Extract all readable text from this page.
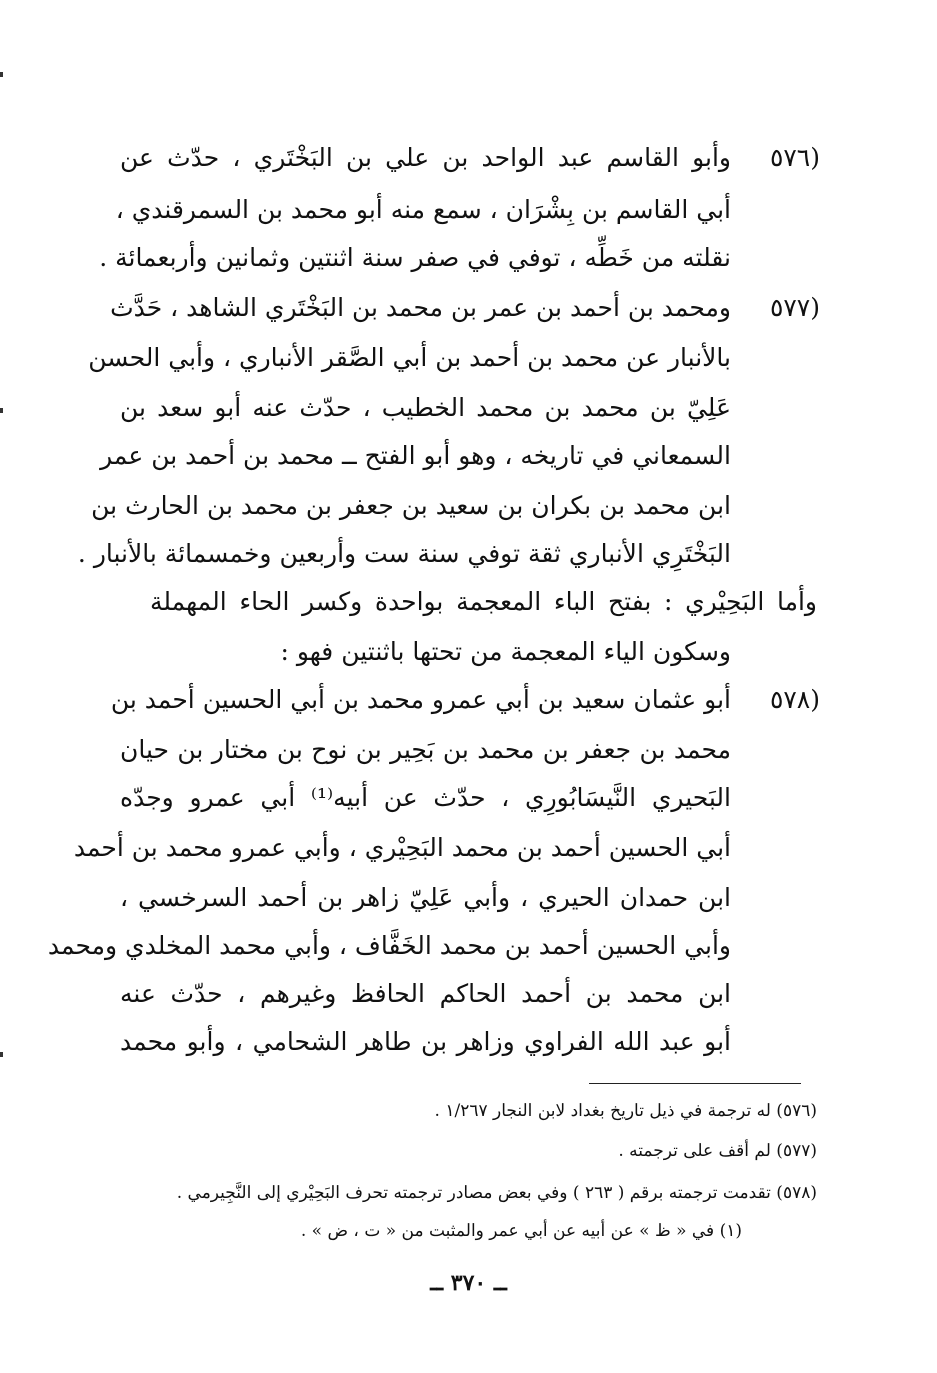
(٥٧٦
وأبو القاسم عبد الواحد بن علي بن البَخْتَري ، حدّث عن
أبي القاسم بن بِشْرَان ، سمع منه أبو محمد بن السمرقندي ،
نقلته من خَطِّه ، توفي في صفر سنة اثنتين وثمانين وأربعمائة .
(٥٧٧
ومحمد بن أحمد بن عمر بن محمد بن البَخْتَري الشاهد ، حَدَّث
بالأنبار عن محمد بن أحمد بن أبي الصَّقر الأنباري ، وأبي الحسن
عَلِيّ بن محمد بن محمد الخطيب ، حدّث عنه أبو سعد بن
السمعاني في تاريخه ، وهو أبو الفتح ــ محمد بن أحمد بن عمر
ابن محمد بن بكران بن سعيد بن جعفر بن محمد بن الحارث بن
البَخْتَرِي الأنباري ثقة توفي سنة ست وأربعين وخمسمائة بالأنبار .
وأما البَحِيْري : بفتح الباء المعجمة بواحدة وكسر الحاء المهملة
وسكون الياء المعجمة من تحتها باثنتين فهو :
(٥٧٨
أبو عثمان سعيد بن أبي عمرو محمد بن أبي الحسين أحمد بن
محمد بن جعفر بن محمد بن بَحِير بن نوح بن مختار بن حيان
البَحيري النَّيسَابُورِي ، حدّث عن أبيه⁽¹⁾ أبي عمرو وجدّه
أبي الحسين أحمد بن محمد البَحِيْري ، وأبي عمرو محمد بن أحمد
ابن حمدان الحيري ، وأبي عَلِيّ زاهر بن أحمد السرخسي ،
وأبي الحسين أحمد بن محمد الخَفَّاف ، وأبي محمد المخلدي ومحمد
ابن محمد بن أحمد الحاكم الحافظ وغيرهم ، حدّث عنه
أبو عبد الله الفراوي وزاهر بن طاهر الشحامي ، وأبو محمد
(٥٧٦) له ترجمة في ذيل تاريخ بغداد لابن النجار ١/٢٦٧ .
(٥٧٧) لم أقف على ترجمته .
(٥٧٨) تقدمت ترجمته برقم ( ٢٦٣ ) وفي بعض مصادر ترجمته تحرف البَحِيْري إلى النَّجِيرمي .
(١) في « ظ » عن أبيه عن أبي عمر والمثبت من « ت ، ض » .
ــ ٣٧٠ ــ
